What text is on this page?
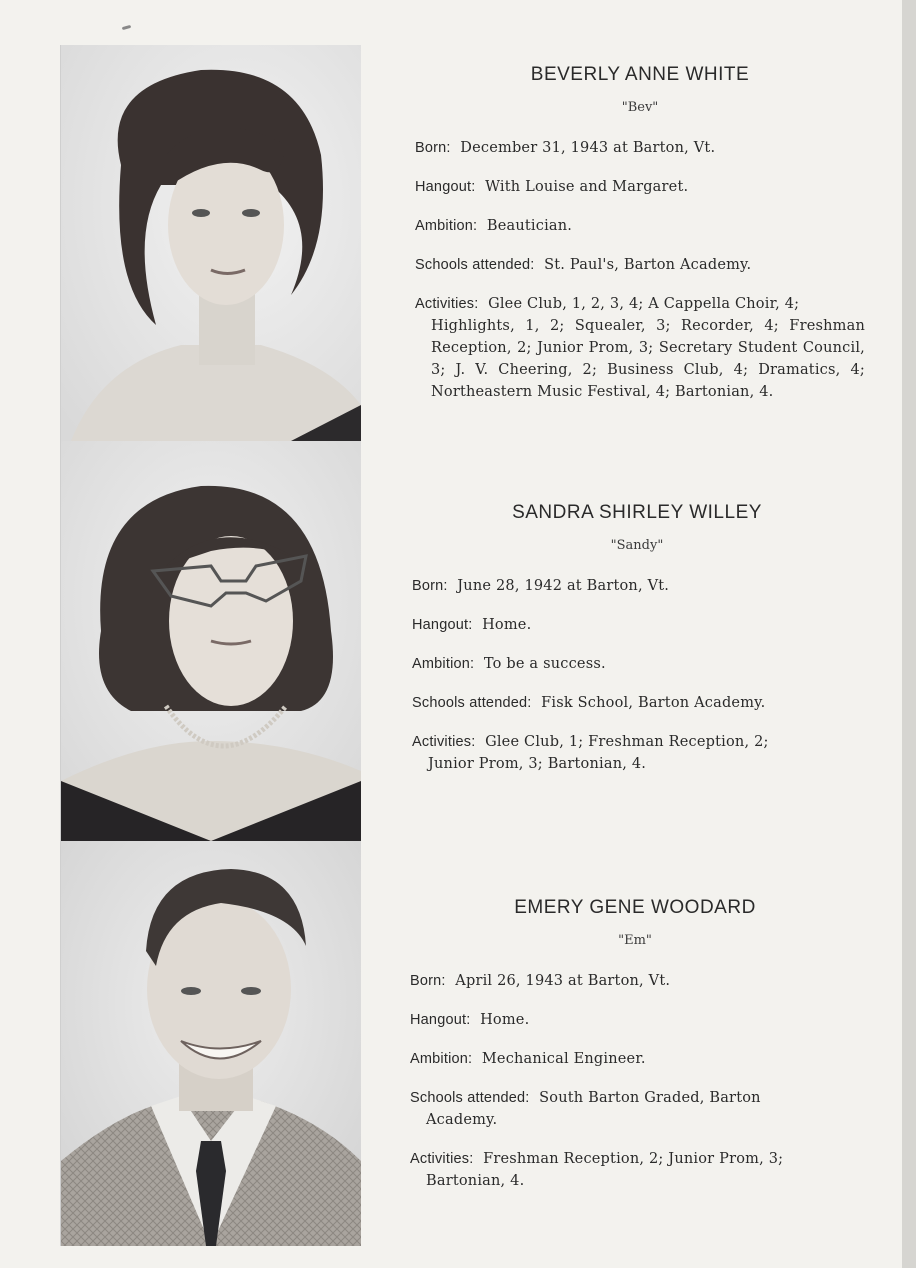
BEVERLY ANNE WHITE

"Bev"

Born: December 31, 1943 at Barton, Vt.

Hangout: With Louise and Margaret.

Ambition: Beautician.

Schools attended: St. Paul's, Barton Academy.

Activities: Glee Club, 1, 2, 3, 4; A Cappella Choir, 4;
Highlights, 1, 2; Squealer, 3; Recorder, 4; Freshman Reception, 2; Junior Prom, 3; Secretary Student Council, 3; J. V. Cheering, 2; Business Club, 4; Dramatics, 4; Northeastern Music Festival, 4; Bartonian, 4.

SANDRA SHIRLEY WILLEY

"Sandy"

Born: June 28, 1942 at Barton, Vt.

Hangout: Home.

Ambition: To be a success.

Schools attended: Fisk School, Barton Academy.

Activities: Glee Club, 1; Freshman Reception, 2;
Junior Prom, 3; Bartonian, 4.

EMERY GENE WOODARD

"Em"

Born: April 26, 1943 at Barton, Vt.

Hangout: Home.

Ambition: Mechanical Engineer.

Schools attended: South Barton Graded, Barton
Academy.
Activities: Freshman Reception, 2; Junior Prom, 3;
Bartonian, 4.
